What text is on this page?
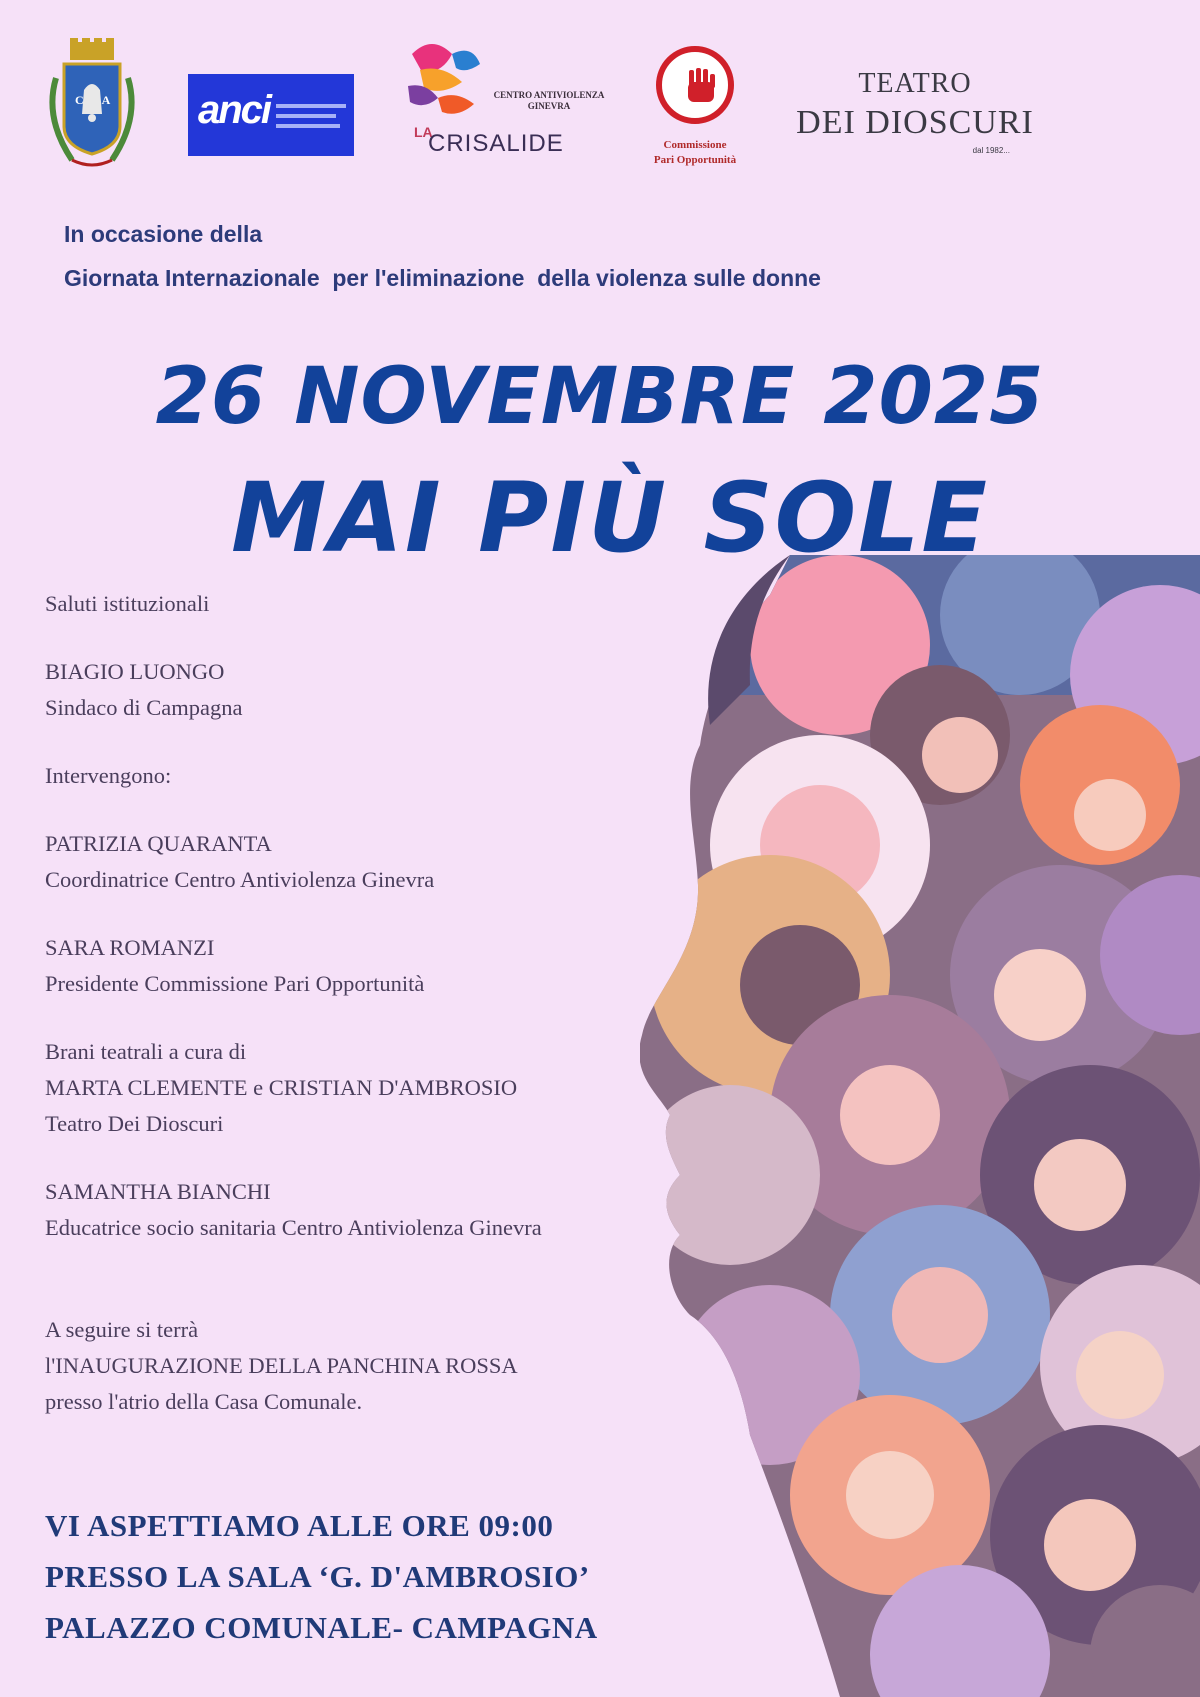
CA anci	CENTRO ANTIVIOLENZA GINEVRA
LA
CRISALIDE	Commissione
Pari Opportunità
TEATRO
DEI DIOSCURI
dal 1982...
In occasione della
Giornata Internazionale  per l'eliminazione  della violenza sulle donne
26 NOVEMBRE 2025
MAI PIÙ SOLE

Saluti istituzionali

BIAGIO LUONGO

Sindaco di Campagna

Intervengono:

PATRIZIA QUARANTA

Coordinatrice Centro Antiviolenza Ginevra

SARA ROMANZI

Presidente Commissione Pari Opportunità

Brani teatrali a cura di

MARTA CLEMENTE e CRISTIAN D'AMBROSIO

Teatro Dei Dioscuri

SAMANTHA BIANCHI

Educatrice socio sanitaria Centro Antiviolenza Ginevra

A seguire si terrà

l'INAUGURAZIONE DELLA PANCHINA ROSSA

presso l'atrio della Casa Comunale.

VI ASPETTIAMO ALLE ORE 09:00
PRESSO LA SALA ‘G. D'AMBROSIO’
PALAZZO COMUNALE- CAMPAGNA
